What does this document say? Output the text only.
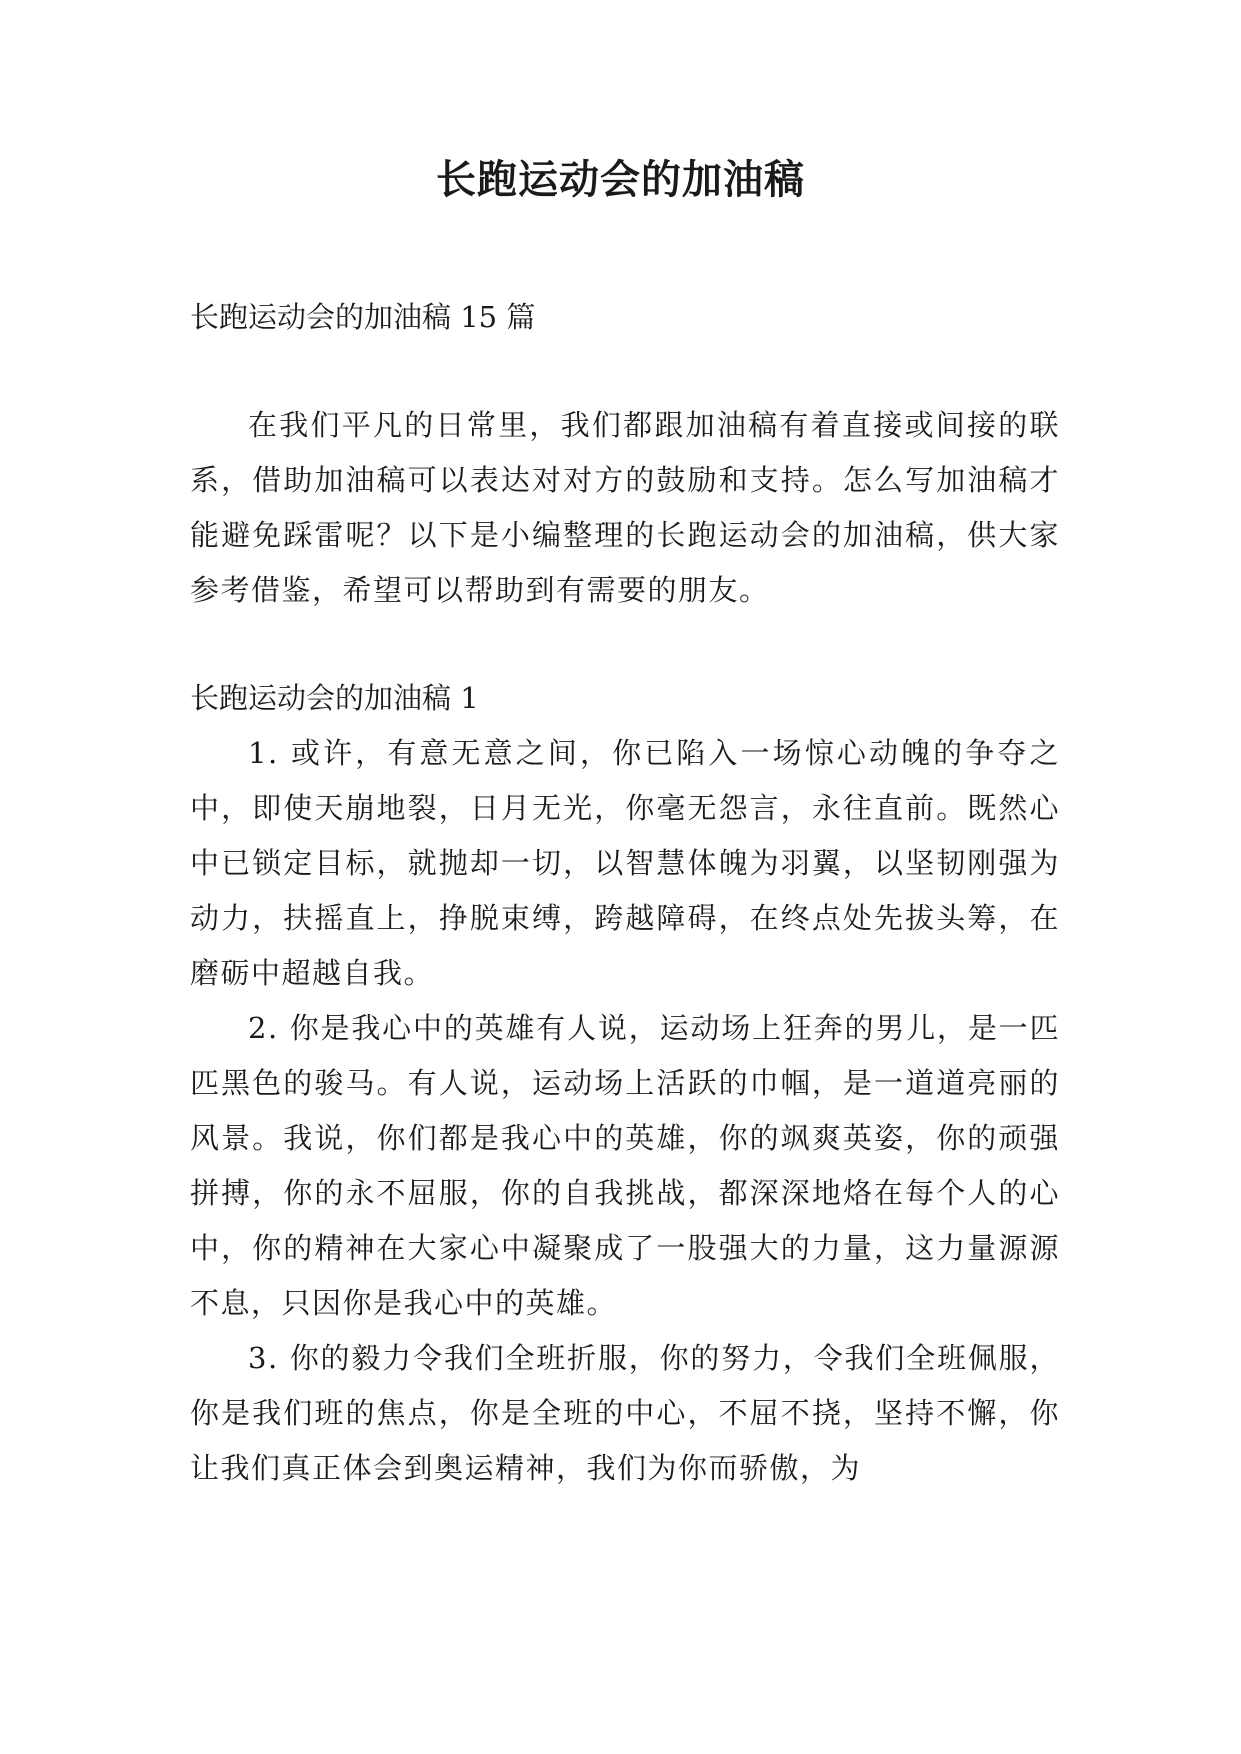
长跑运动会的加油稿

长跑运动会的加油稿 15 篇

在我们平凡的日常里，我们都跟加油稿有着直接或间接的联系，借助加油稿可以表达对对方的鼓励和支持。怎么写加油稿才能避免踩雷呢？以下是小编整理的长跑运动会的加油稿，供大家参考借鉴，希望可以帮助到有需要的朋友。

长跑运动会的加油稿 1

1. 或许，有意无意之间，你已陷入一场惊心动魄的争夺之中，即使天崩地裂，日月无光，你毫无怨言，永往直前。既然心中已锁定目标，就抛却一切，以智慧体魄为羽翼，以坚韧刚强为动力，扶摇直上，挣脱束缚，跨越障碍，在终点处先拔头筹，在磨砺中超越自我。

2. 你是我心中的英雄有人说，运动场上狂奔的男儿，是一匹匹黑色的骏马。有人说，运动场上活跃的巾帼，是一道道亮丽的风景。我说，你们都是我心中的英雄，你的飒爽英姿，你的顽强拼搏，你的永不屈服，你的自我挑战，都深深地烙在每个人的心中，你的精神在大家心中凝聚成了一股强大的力量，这力量源源不息，只因你是我心中的英雄。

3. 你的毅力令我们全班折服，你的努力，令我们全班佩服，你是我们班的焦点，你是全班的中心，不屈不挠，坚持不懈，你让我们真正体会到奥运精神，我们为你而骄傲，为
